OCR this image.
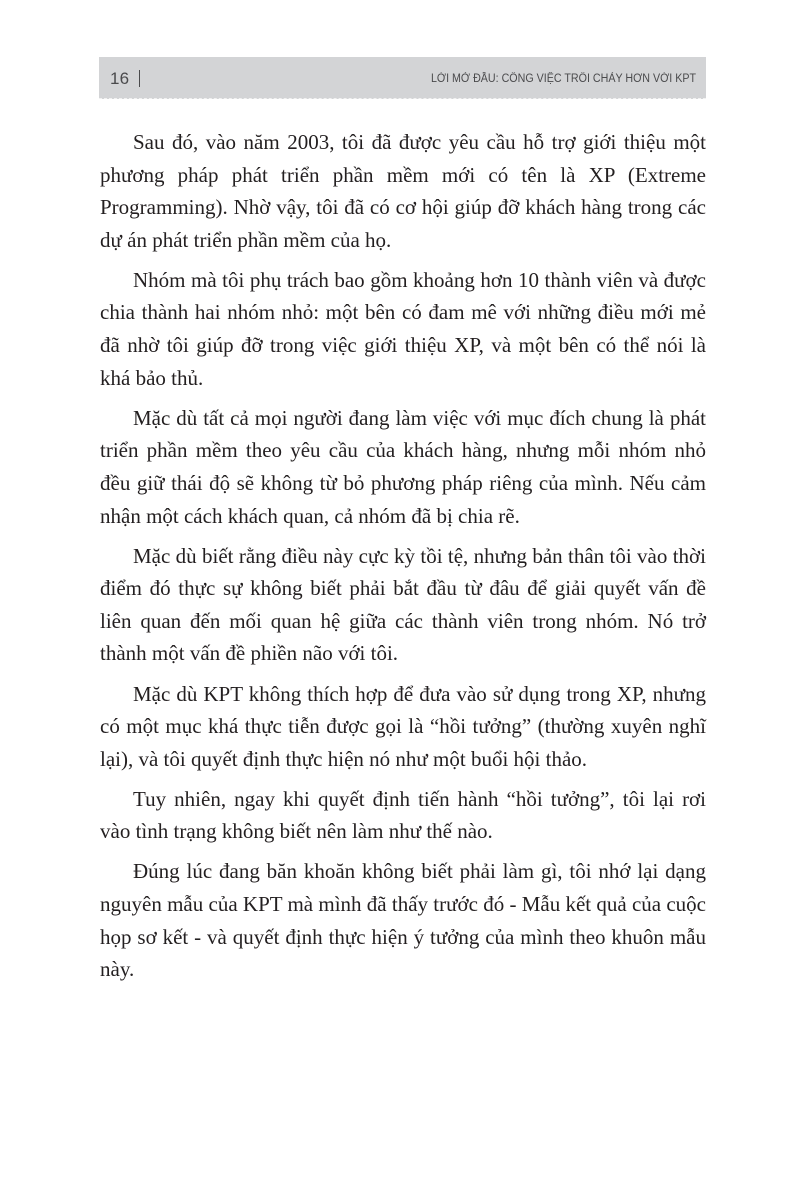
16	LỜI MỞ ĐẦU: CÔNG VIỆC TRÔI CHẢY HƠN VỚI KPT

Sau đó, vào năm 2003, tôi đã được yêu cầu hỗ trợ giới thiệu một phương pháp phát triển phần mềm mới có tên là XP (Extreme Programming). Nhờ vậy, tôi đã có cơ hội giúp đỡ khách hàng trong các dự án phát triển phần mềm của họ.

Nhóm mà tôi phụ trách bao gồm khoảng hơn 10 thành viên và được chia thành hai nhóm nhỏ: một bên có đam mê với những điều mới mẻ đã nhờ tôi giúp đỡ trong việc giới thiệu XP, và một bên có thể nói là khá bảo thủ.

Mặc dù tất cả mọi người đang làm việc với mục đích chung là phát triển phần mềm theo yêu cầu của khách hàng, nhưng mỗi nhóm nhỏ đều giữ thái độ sẽ không từ bỏ phương pháp riêng của mình. Nếu cảm nhận một cách khách quan, cả nhóm đã bị chia rẽ.

Mặc dù biết rằng điều này cực kỳ tồi tệ, nhưng bản thân tôi vào thời điểm đó thực sự không biết phải bắt đầu từ đâu để giải quyết vấn đề liên quan đến mối quan hệ giữa các thành viên trong nhóm. Nó trở thành một vấn đề phiền não với tôi.

Mặc dù KPT không thích hợp để đưa vào sử dụng trong XP, nhưng có một mục khá thực tiễn được gọi là “hồi tưởng” (thường xuyên nghĩ lại), và tôi quyết định thực hiện nó như một buổi hội thảo.

Tuy nhiên, ngay khi quyết định tiến hành “hồi tưởng”, tôi lại rơi vào tình trạng không biết nên làm như thế nào.

Đúng lúc đang băn khoăn không biết phải làm gì, tôi nhớ lại dạng nguyên mẫu của KPT mà mình đã thấy trước đó - Mẫu kết quả của cuộc họp sơ kết - và quyết định thực hiện ý tưởng của mình theo khuôn mẫu này.
